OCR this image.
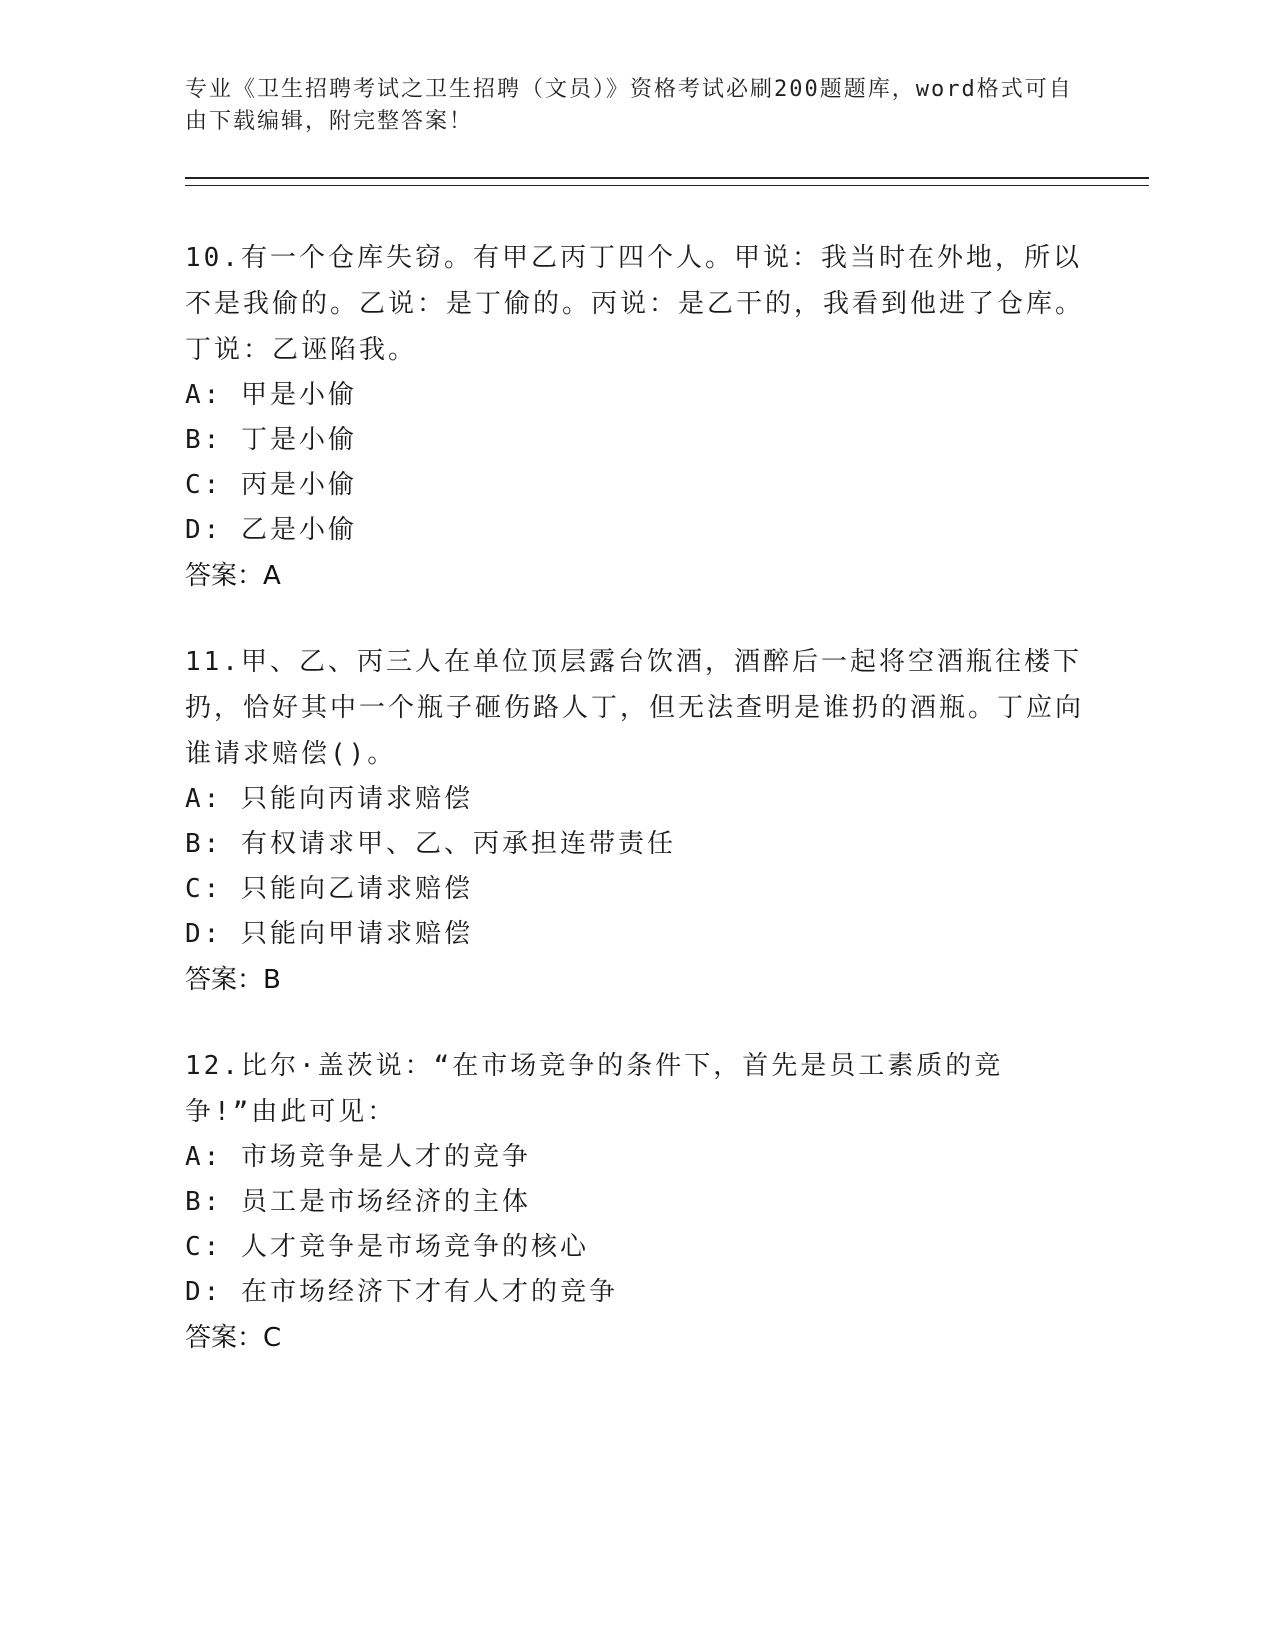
专业《卫生招聘考试之卫生招聘（文员）》资格考试必刷200题题库，word格式可自由下载编辑，附完整答案！
10.有一个仓库失窃。有甲乙丙丁四个人。甲说：我当时在外地，所以不是我偷的。乙说：是丁偷的。丙说：是乙干的，我看到他进了仓库。丁说：乙诬陷我。
A: 甲是小偷
B: 丁是小偷
C: 丙是小偷
D: 乙是小偷
答案：A
11.甲、乙、丙三人在单位顶层露台饮酒，酒醉后一起将空酒瓶往楼下扔，恰好其中一个瓶子砸伤路人丁，但无法查明是谁扔的酒瓶。丁应向谁请求赔偿()。
A: 只能向丙请求赔偿
B: 有权请求甲、乙、丙承担连带责任
C: 只能向乙请求赔偿
D: 只能向甲请求赔偿
答案：B
12.比尔·盖茨说：“在市场竞争的条件下，首先是员工素质的竞争!”由此可见：
A: 市场竞争是人才的竞争
B: 员工是市场经济的主体
C: 人才竞争是市场竞争的核心
D: 在市场经济下才有人才的竞争
答案：C
